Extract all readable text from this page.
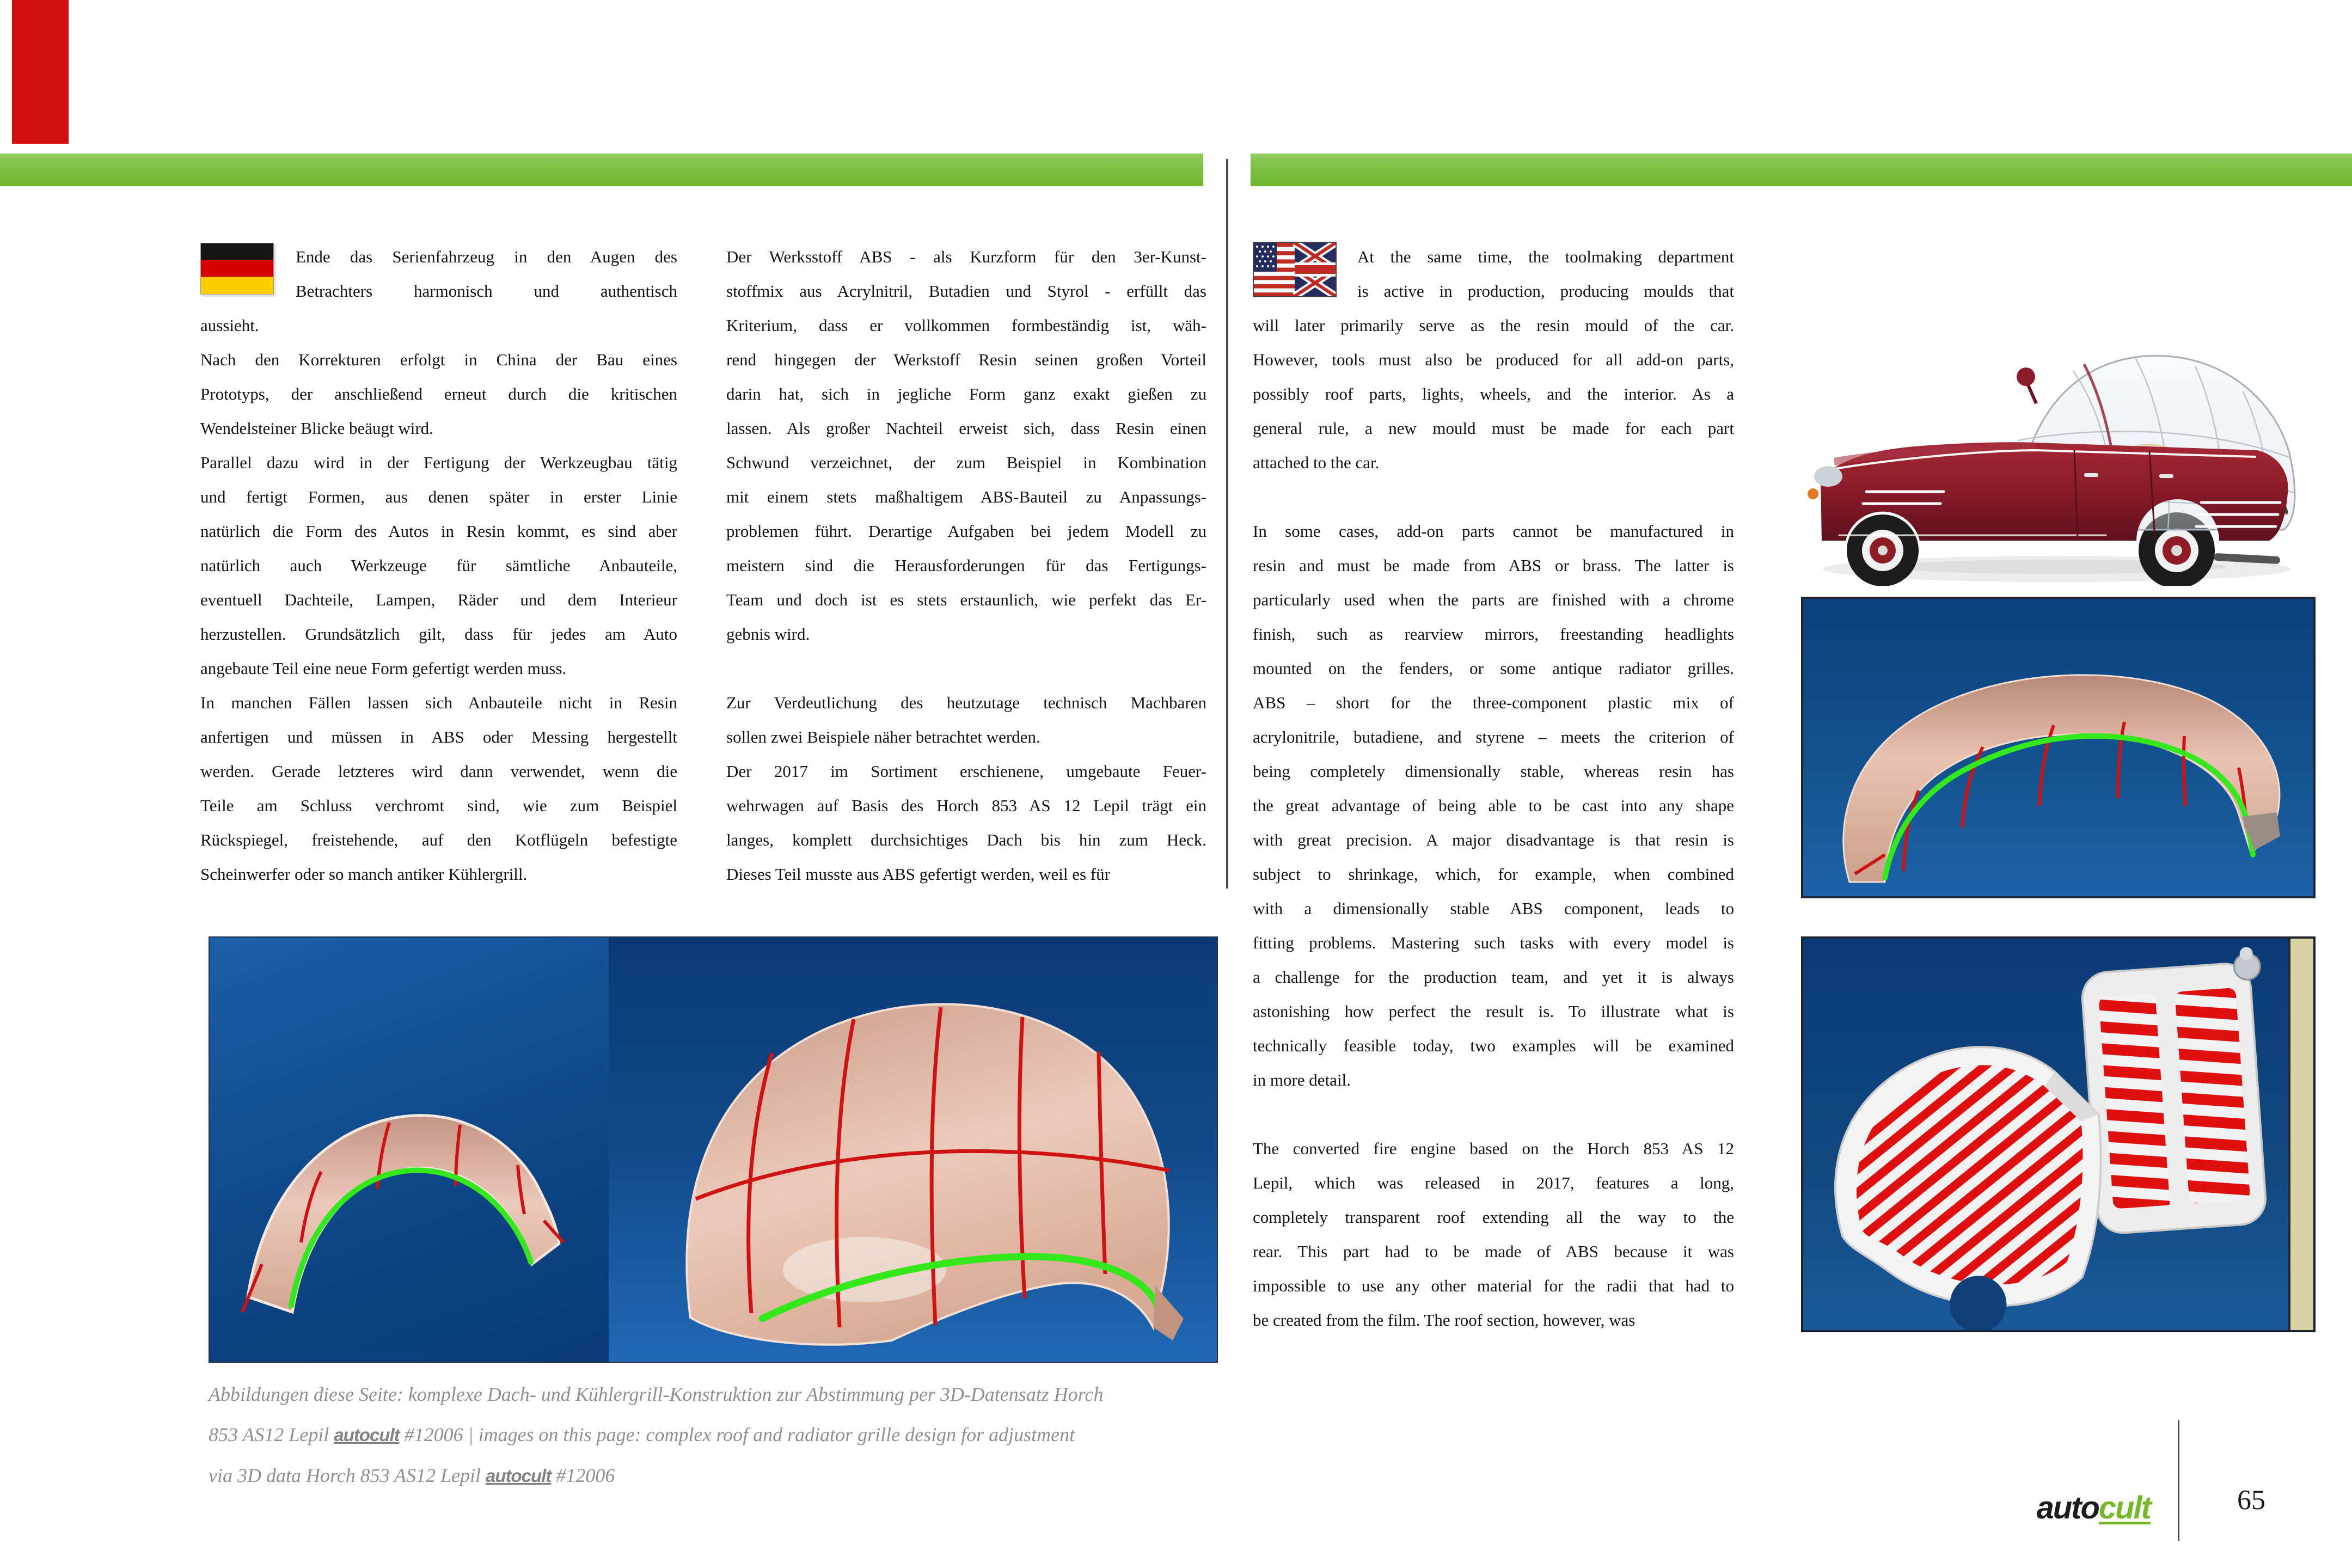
Ende das Serienfahrzeug in den Augen des
Betrachters harmonisch und authentisch
aussieht.
Nach den Korrekturen erfolgt in China der Bau eines
Prototyps, der anschließend erneut durch die kritischen
Wendelsteiner Blicke beäugt wird.
Parallel dazu wird in der Fertigung der Werkzeugbau tätig
und fertigt Formen, aus denen später in erster Linie
natürlich die Form des Autos in Resin kommt, es sind aber
natürlich auch Werkzeuge für sämtliche Anbauteile,
eventuell Dachteile, Lampen, Räder und dem Interieur
herzustellen. Grundsätzlich gilt, dass für jedes am Auto
angebaute Teil eine neue Form gefertigt werden muss.
In manchen Fällen lassen sich Anbauteile nicht in Resin
anfertigen und müssen in ABS oder Messing hergestellt
werden. Gerade letzteres wird dann verwendet, wenn die
Teile am Schluss verchromt sind, wie zum Beispiel
Rückspiegel, freistehende, auf den Kotflügeln befestigte
Scheinwerfer oder so manch antiker Kühlergrill.
Der Werksstoff ABS - als Kurzform für den 3er-Kunst-
stoffmix aus Acrylnitril, Butadien und Styrol - erfüllt das
Kriterium, dass er vollkommen formbeständig ist, wäh-
rend hingegen der Werkstoff Resin seinen großen Vorteil
darin hat, sich in jegliche Form ganz exakt gießen zu
lassen. Als großer Nachteil erweist sich, dass Resin einen
Schwund verzeichnet, der zum Beispiel in Kombination
mit einem stets maßhaltigem ABS-Bauteil zu Anpassungs-
problemen führt. Derartige Aufgaben bei jedem Modell zu
meistern sind die Herausforderungen für das Fertigungs-
Team und doch ist es stets erstaunlich, wie perfekt das Er-
gebnis wird.
Zur Verdeutlichung des heutzutage technisch Machbaren
sollen zwei Beispiele näher betrachtet werden.
Der 2017 im Sortiment erschienene, umgebaute Feuer-
wehrwagen auf Basis des Horch 853 AS 12 Lepil trägt ein
langes, komplett durchsichtiges Dach bis hin zum Heck.
Dieses Teil musste aus ABS gefertigt werden, weil es für
At the same time, the toolmaking department
is active in production, producing moulds that
will later primarily serve as the resin mould of the car.
However, tools must also be produced for all add-on parts,
possibly roof parts, lights, wheels, and the interior. As a
general rule, a new mould must be made for each part
attached to the car.
In some cases, add-on parts cannot be manufactured in
resin and must be made from ABS or brass. The latter is
particularly used when the parts are finished with a chrome
finish, such as rearview mirrors, freestanding headlights
mounted on the fenders, or some antique radiator grilles.
ABS – short for the three-component plastic mix of
acrylonitrile, butadiene, and styrene – meets the criterion of
being completely dimensionally stable, whereas resin has
the great advantage of being able to be cast into any shape
with great precision. A major disadvantage is that resin is
subject to shrinkage, which, for example, when combined
with a dimensionally stable ABS component, leads to
fitting problems. Mastering such tasks with every model is
a challenge for the production team, and yet it is always
astonishing how perfect the result is. To illustrate what is
technically feasible today, two examples will be examined
in more detail.
The converted fire engine based on the Horch 853 AS 12
Lepil, which was released in 2017, features a long,
completely transparent roof extending all the way to the
rear. This part had to be made of ABS because it was
impossible to use any other material for the radii that had to
be created from the film. The roof section, however, was
Abbildungen diese Seite: komplexe Dach- und Kühlergrill-Konstruktion zur Abstimmung per 3D-Datensatz Horch
853 AS12 Lepil autocult #12006 | images on this page: complex roof and radiator grille design for adjustment
via 3D data Horch 853 AS12 Lepil autocult #12006
autocult	65
